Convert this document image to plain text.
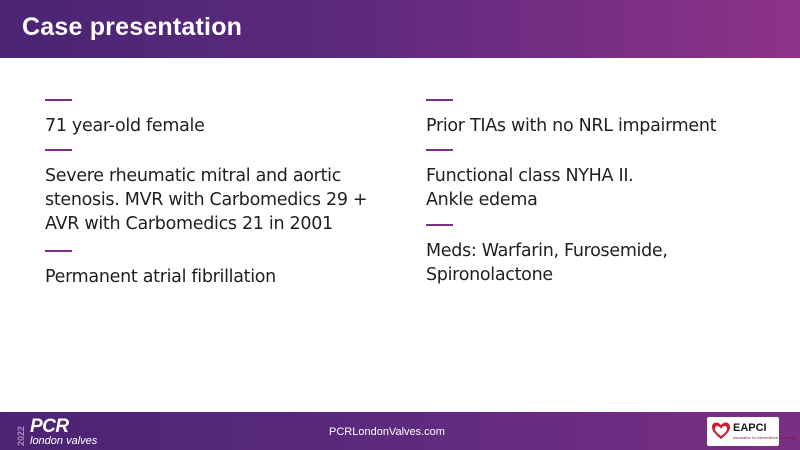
Case presentation
71 year-old female
Severe rheumatic mitral and aortic
stenosis. MVR with Carbomedics 29 +
AVR with Carbomedics 21 in 2001
Permanent atrial fibrillation
Prior TIAs with no NRL impairment
Functional class NYHA II.
Ankle edema
Meds: Warfarin, Furosemide,
Spironolactone
2022 PCR
london valves
PCRLondonValves.com	EAPCI
Association for Interventional Cardiology
